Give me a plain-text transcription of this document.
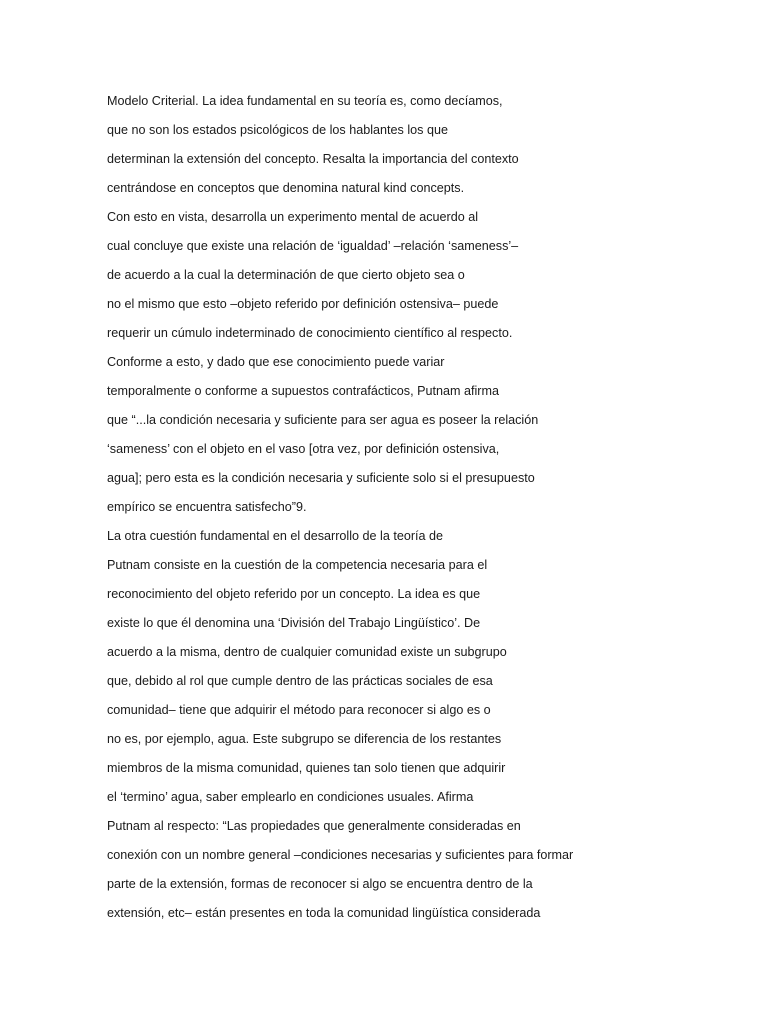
Modelo Criterial. La idea fundamental en su teoría es, como decíamos,
que no son los estados psicológicos de los hablantes los que
determinan la extensión del concepto. Resalta la importancia del contexto
centrándose en conceptos que denomina natural kind concepts.
Con esto en vista, desarrolla un experimento mental de acuerdo al
cual concluye que existe una relación de ‘igualdad’ –relación ‘sameness’–
de acuerdo a la cual la determinación de que cierto objeto sea o
no el mismo que esto –objeto referido por definición ostensiva– puede
requerir un cúmulo indeterminado de conocimiento científico al respecto.
Conforme a esto, y dado que ese conocimiento puede variar
temporalmente o conforme a supuestos contrafácticos, Putnam afirma
que “...la condición necesaria y suficiente para ser agua es poseer la relación
‘sameness’ con el objeto en el vaso [otra vez, por definición ostensiva,
agua]; pero esta es la condición necesaria y suficiente solo si el presupuesto
empírico se encuentra satisfecho”9.
La otra cuestión fundamental en el desarrollo de la teoría de
Putnam consiste en la cuestión de la competencia necesaria para el
reconocimiento del objeto referido por un concepto. La idea es que
existe lo que él denomina una ‘División del Trabajo Lingüístico’. De
acuerdo a la misma, dentro de cualquier comunidad existe un subgrupo
que, debido al rol que cumple dentro de las prácticas sociales de esa
comunidad– tiene que adquirir el método para reconocer si algo es o
no es, por ejemplo, agua. Este subgrupo se diferencia de los restantes
miembros de la misma comunidad, quienes tan solo tienen que adquirir
el ‘termino’ agua, saber emplearlo en condiciones usuales. Afirma
Putnam al respecto: “Las propiedades que generalmente consideradas en
conexión con un nombre general –condiciones necesarias y suficientes para formar
parte de la extensión, formas de reconocer si algo se encuentra dentro de la
extensión, etc– están presentes en toda la comunidad lingüística considerada
